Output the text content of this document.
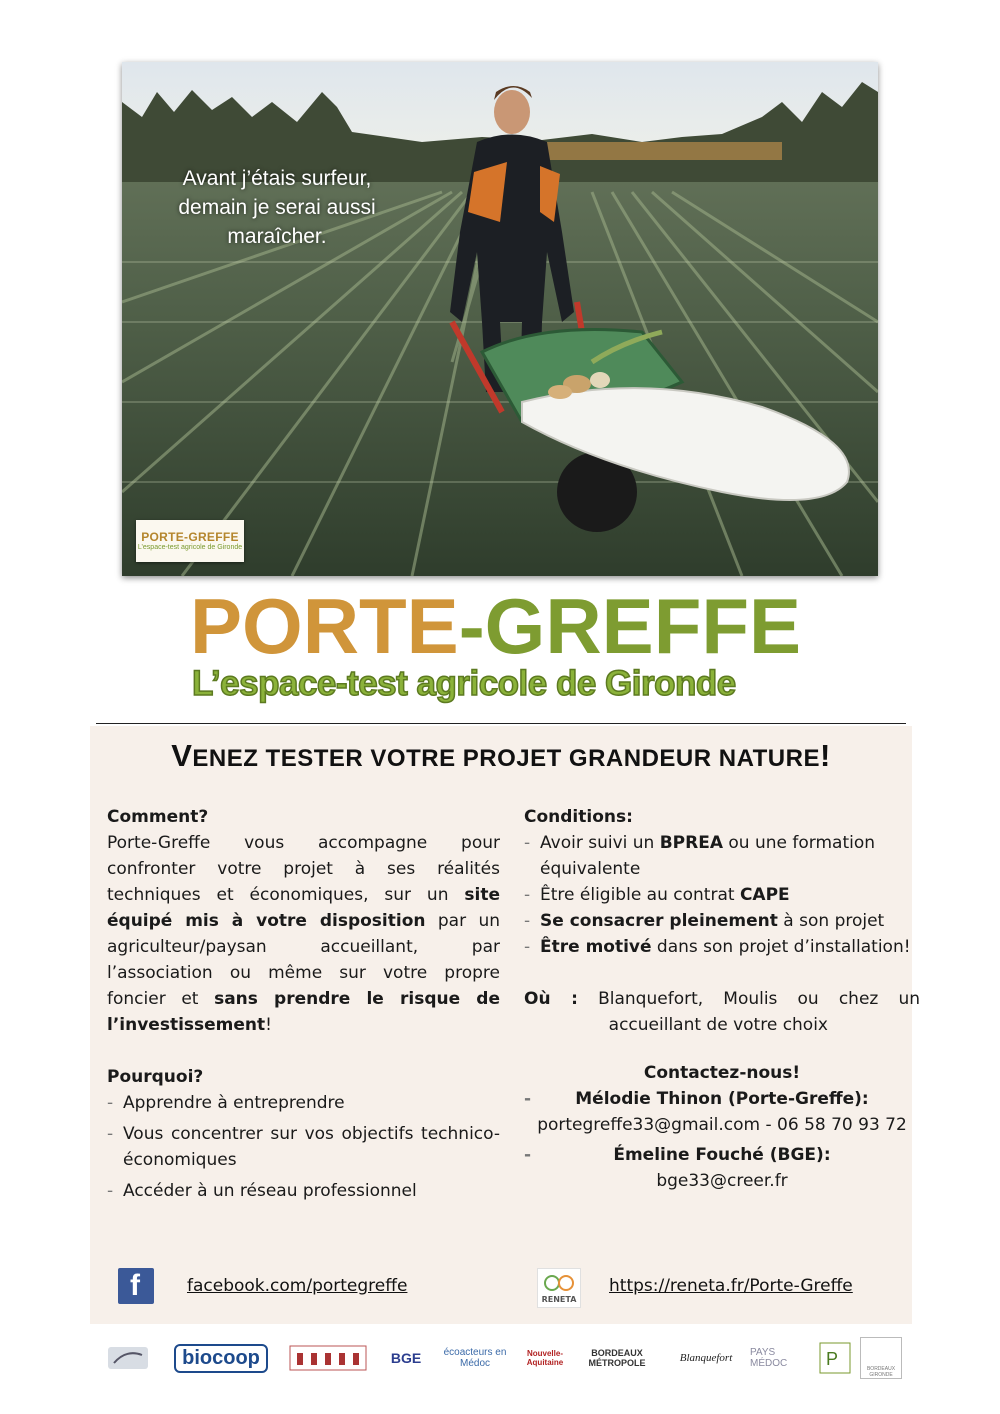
Avant j’étais surfeur,
demain je serai aussi
maraîcher.
PORTE-GREFFE
L’espace-test agricole de Gironde
PORTE-GREFFE
L’espace-test agricole de Gironde
VENEZ TESTER VOTRE PROJET GRANDEUR NATURE!
Comment?
Porte-Greffe vous accompagne pour confronter votre projet à ses réalités techniques et économiques, sur un site équipé mis à votre disposition par un agriculteur/paysan accueillant, par l’association ou même sur votre propre foncier et sans prendre le risque de l’investissement!
Pourquoi?
- Apprendre à entreprendre
- Vous concentrer sur vos objectifs technico-économiques
- Accéder à un réseau professionnel
Conditions:
- Avoir suivi un BPREA ou une formation équivalente
- Être éligible au contrat CAPE
- Se consacrer pleinement à son projet
- Être motivé dans son projet d’installation!
Où : Blanquefort, Moulis ou chez un
accueillant de votre choix
Contactez-nous!
- Mélodie Thinon (Porte-Greffe):
portegreffe33@gmail.com - 06 58 70 93 72
- Émeline Fouché (BGE):
bge33@creer.fr
f	facebook.com/portegreffe
RENETA
https://reneta.fr/Porte-Greffe
biocoop	BGE	écoacteurs en Médoc
Nouvelle-Aquitaine
BORDEAUX MÉTROPOLE	Blanquefort PAYS MÉDOC	P	BORDEAUX GIRONDE
